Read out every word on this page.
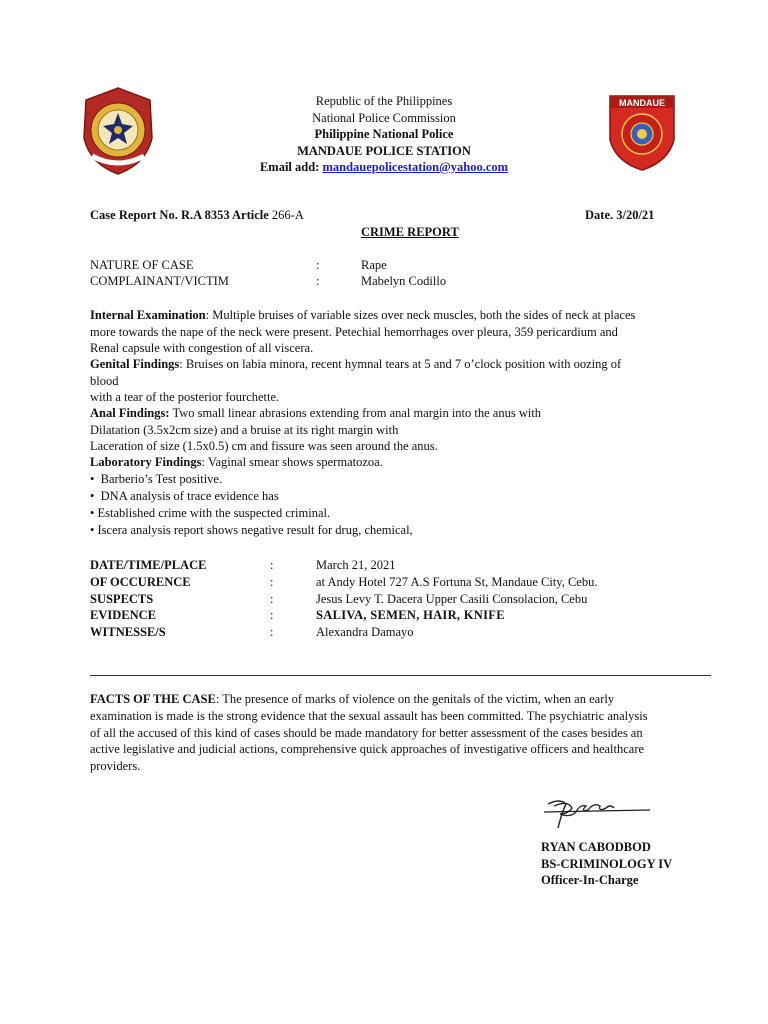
MANDAUE
Republic of the Philippines
National Police Commission
Philippine National Police
MANDAUE POLICE STATION
Email add: mandauepolicestation@yahoo.com
Case Report No. R.A 8353 Article 266-A	Date. 3/20/21
CRIME REPORT
NATURE OF CASE	:	Rape
COMPLAINANT/VICTIM	:	Mabelyn Codillo
Internal Examination: Multiple bruises of variable sizes over neck muscles, both the sides of neck at places
more towards the nape of the neck were present. Petechial hemorrhages over pleura, 359 pericardium and
Renal capsule with congestion of all viscera.
Genital Findings: Bruises on labia minora, recent hymnal tears at 5 and 7 o’clock position with oozing of
blood
with a tear of the posterior fourchette.
Anal Findings: Two small linear abrasions extending from anal margin into the anus with
Dilatation (3.5x2cm size) and a bruise at its right margin with
Laceration of size (1.5x0.5) cm and fissure was seen around the anus.
Laboratory Findings: Vaginal smear shows spermatozoa.
•  Barberio’s Test positive.
•  DNA analysis of trace evidence has
• Established crime with the suspected criminal.
• Iscera analysis report shows negative result for drug, chemical,
DATE/TIME/PLACE	:	March 21, 2021
OF OCCURENCE	:	at Andy Hotel 727 A.S Fortuna St, Mandaue City, Cebu.
SUSPECTS	:	Jesus Levy T. Dacera Upper Casili Consolacion, Cebu
EVIDENCE	:	SALIVA, SEMEN, HAIR, KNIFE
WITNESSE/S	:	Alexandra Damayo
FACTS OF THE CASE: The presence of marks of violence on the genitals of the victim, when an early
examination is made is the strong evidence that the sexual assault has been committed. The psychiatric analysis
of all the accused of this kind of cases should be made mandatory for better assessment of the cases besides an
active legislative and judicial actions, comprehensive quick approaches of investigative officers and healthcare
providers.
RYAN CABODBOD
BS-CRIMINOLOGY IV
Officer-In-Charge
